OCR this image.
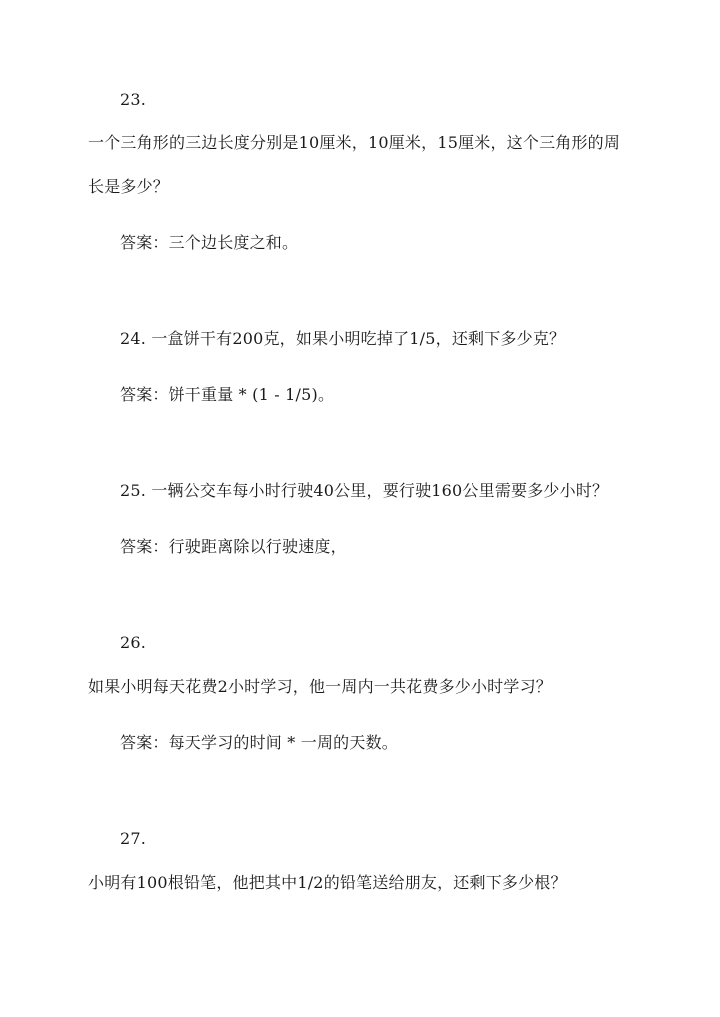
23.
一个三角形的三边长度分别是10厘米，10厘米，15厘米，这个三角形的周
长是多少？
答案：三个边长度之和。
24. 一盒饼干有200克，如果小明吃掉了1/5，还剩下多少克？
答案：饼干重量 * (1 - 1/5)。
25. 一辆公交车每小时行驶40公里，要行驶160公里需要多少小时？
答案：行驶距离除以行驶速度，
26.
如果小明每天花费2小时学习，他一周内一共花费多少小时学习？
答案：每天学习的时间 * 一周的天数。
27.
小明有100根铅笔，他把其中1/2的铅笔送给朋友，还剩下多少根？
